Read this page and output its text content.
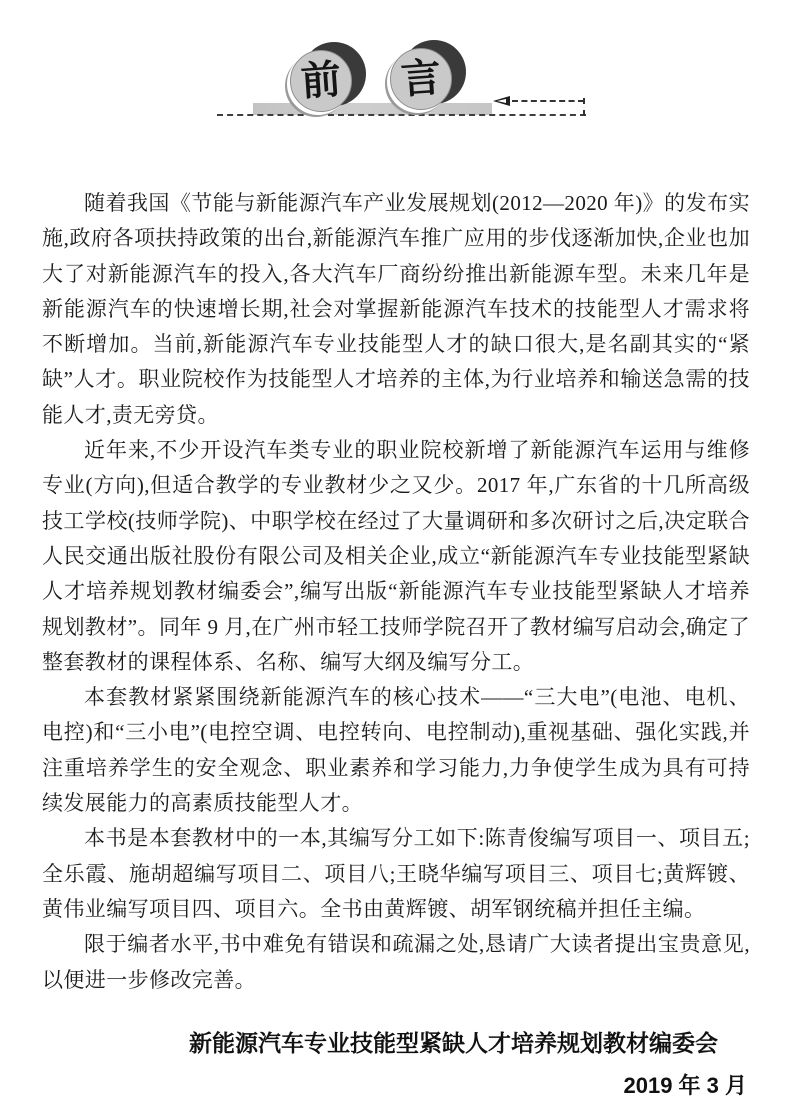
前 言

随着我国《节能与新能源汽车产业发展规划(2012—2020 年)》的发布实施,政府各项扶持政策的出台,新能源汽车推广应用的步伐逐渐加快,企业也加大了对新能源汽车的投入,各大汽车厂商纷纷推出新能源车型。未来几年是新能源汽车的快速增长期,社会对掌握新能源汽车技术的技能型人才需求将不断增加。当前,新能源汽车专业技能型人才的缺口很大,是名副其实的“紧缺”人才。职业院校作为技能型人才培养的主体,为行业培养和输送急需的技能人才,责无旁贷。

近年来,不少开设汽车类专业的职业院校新增了新能源汽车运用与维修专业(方向),但适合教学的专业教材少之又少。2017 年,广东省的十几所高级技工学校(技师学院)、中职学校在经过了大量调研和多次研讨之后,决定联合人民交通出版社股份有限公司及相关企业,成立“新能源汽车专业技能型紧缺人才培养规划教材编委会”,编写出版“新能源汽车专业技能型紧缺人才培养规划教材”。同年 9 月,在广州市轻工技师学院召开了教材编写启动会,确定了整套教材的课程体系、名称、编写大纲及编写分工。

本套教材紧紧围绕新能源汽车的核心技术——“三大电”(电池、电机、电控)和“三小电”(电控空调、电控转向、电控制动),重视基础、强化实践,并注重培养学生的安全观念、职业素养和学习能力,力争使学生成为具有可持续发展能力的高素质技能型人才。

本书是本套教材中的一本,其编写分工如下:陈青俊编写项目一、项目五;全乐霞、施胡超编写项目二、项目八;王晓华编写项目三、项目七;黄辉镀、黄伟业编写项目四、项目六。全书由黄辉镀、胡军钢统稿并担任主编。

限于编者水平,书中难免有错误和疏漏之处,恳请广大读者提出宝贵意见,以便进一步修改完善。

新能源汽车专业技能型紧缺人才培养规划教材编委会
2019 年 3 月
